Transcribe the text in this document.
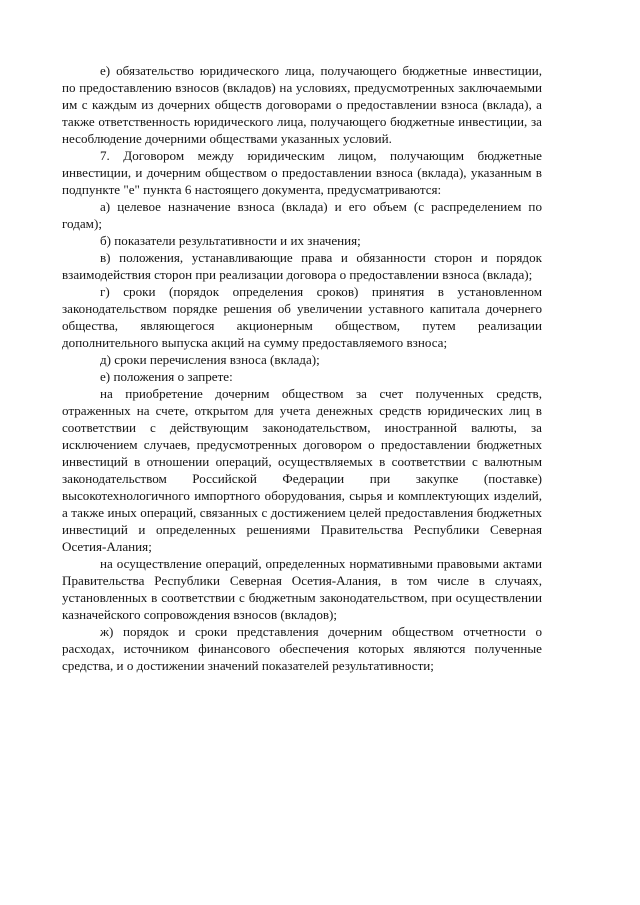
е) обязательство юридического лица, получающего бюджетные инвестиции, по предоставлению взносов (вкладов) на условиях, предусмотренных заключаемыми им с каждым из дочерних обществ договорами о предоставлении взноса (вклада), а также ответственность юридического лица, получающего бюджетные инвестиции, за несоблюдение дочерними обществами указанных условий.

7. Договором между юридическим лицом, получающим бюджетные инвестиции, и дочерним обществом о предоставлении взноса (вклада), указанным в подпункте "е" пункта 6 настоящего документа, предусматриваются:

а) целевое назначение взноса (вклада) и его объем (с распределением по годам);

б) показатели результативности и их значения;

в) положения, устанавливающие права и обязанности сторон и порядок взаимодействия сторон при реализации договора о предоставлении взноса (вклада);

г) сроки (порядок определения сроков) принятия в установленном законодательством порядке решения об увеличении уставного капитала дочернего общества, являющегося акционерным обществом, путем реализации дополнительного выпуска акций на сумму предоставляемого взноса;

д) сроки перечисления взноса (вклада);

е) положения о запрете:

на приобретение дочерним обществом за счет полученных средств, отраженных на счете, открытом для учета денежных средств юридических лиц в соответствии с действующим законодательством, иностранной валюты, за исключением случаев, предусмотренных договором о предоставлении бюджетных инвестиций в отношении операций, осуществляемых в соответствии с валютным законодательством Российской Федерации при закупке (поставке) высокотехнологичного импортного оборудования, сырья и комплектующих изделий, а также иных операций, связанных с достижением целей предоставления бюджетных инвестиций и определенных решениями Правительства Республики Северная Осетия-Алания;

на осуществление операций, определенных нормативными правовыми актами Правительства Республики Северная Осетия-Алания, в том числе в случаях, установленных в соответствии с бюджетным законодательством, при осуществлении казначейского сопровождения взносов (вкладов);

ж) порядок и сроки представления дочерним обществом отчетности о расходах, источником финансового обеспечения которых являются полученные средства, и о достижении значений показателей результативности;
